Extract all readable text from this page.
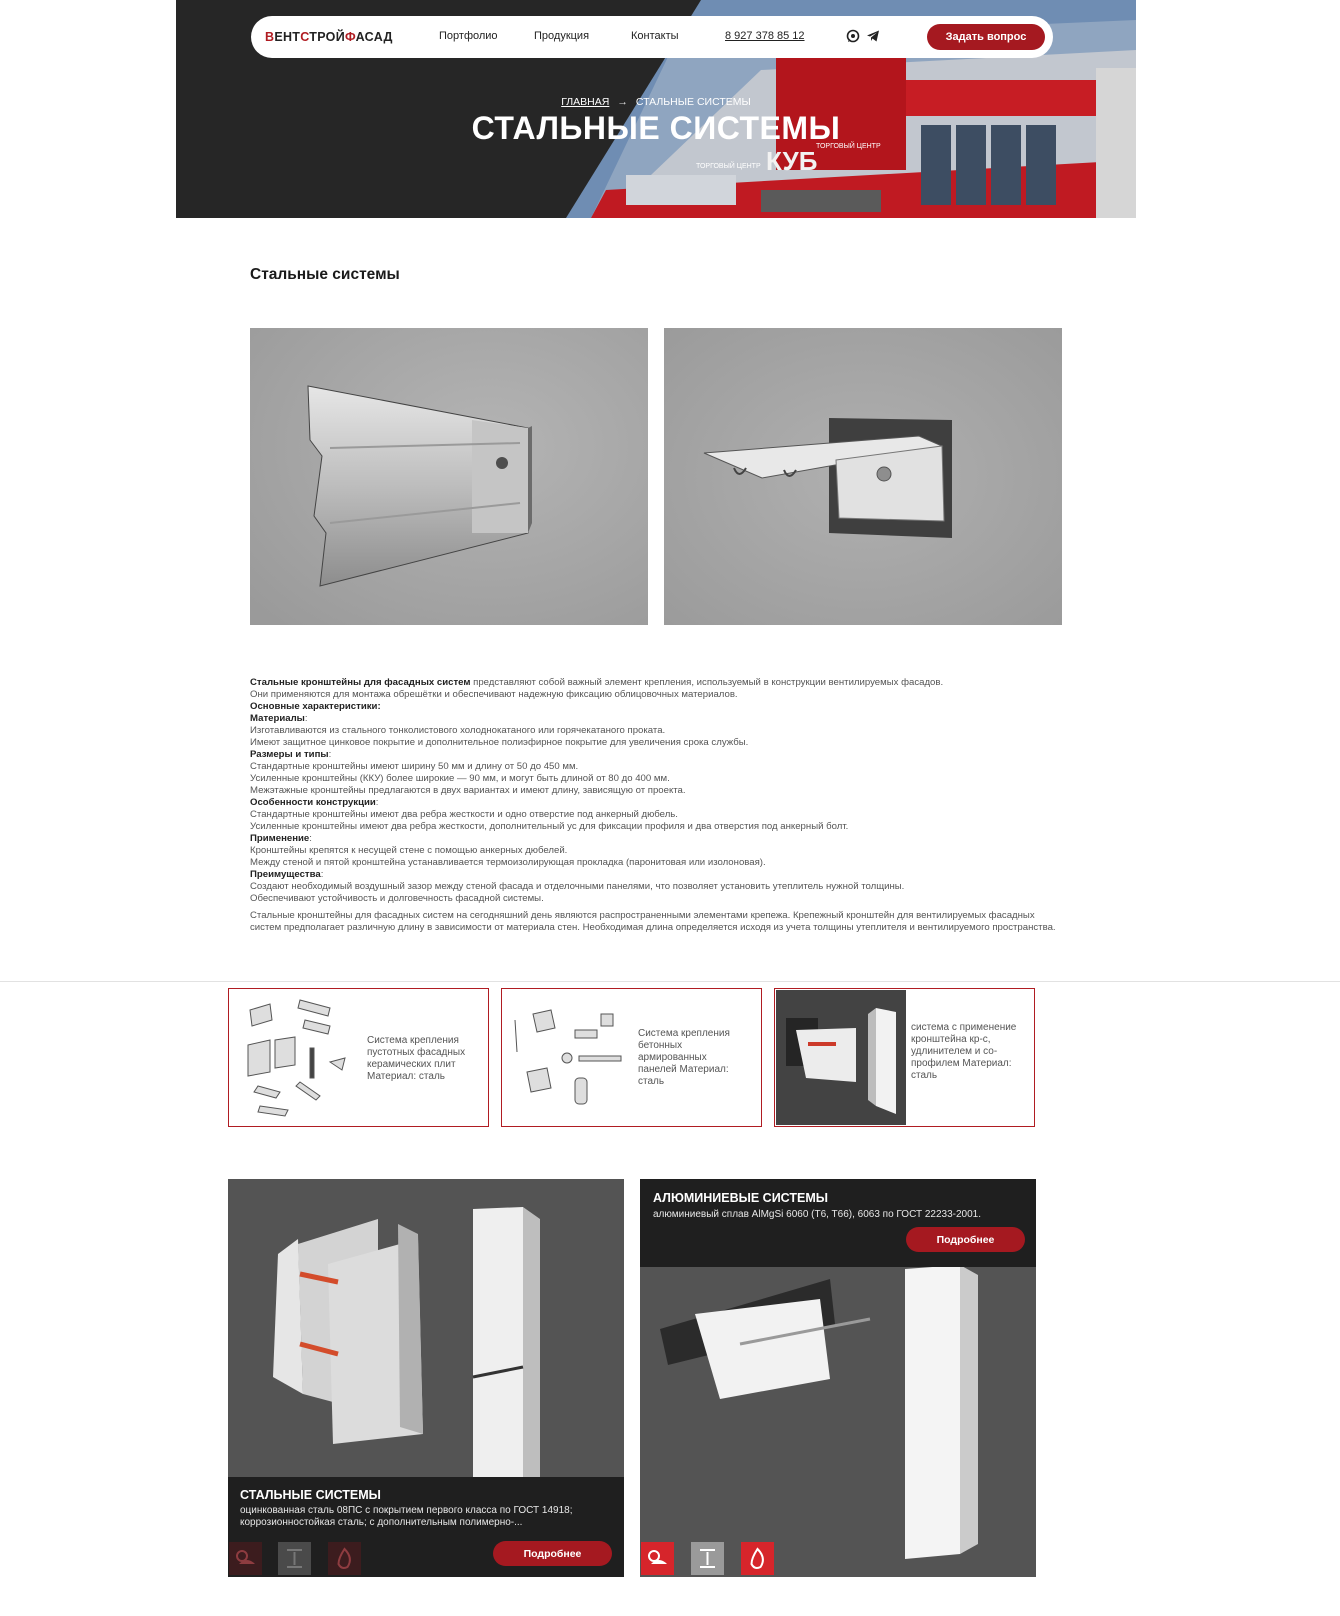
КУБ
ТОРГОВЫЙ ЦЕНТР
ТОРГОВЫЙ ЦЕНТР
ВЕНТСТРОЙФАСАД	Портфолио	Продукция	Контакты	8 927 378 85 12	Задать вопрос
ГЛАВНАЯ → СТАЛЬНЫЕ СИСТЕМЫ
СТАЛЬНЫЕ СИСТЕМЫ
Стальные системы

Стальные кронштейны для фасадных систем представляют собой важный элемент крепления, используемый в конструкции вентилируемых фасадов.

Они применяются для монтажа обрешётки и обеспечивают надежную фиксацию облицовочных материалов.

Основные характеристики:

Материалы:

Изготавливаются из стального тонколистового холоднокатаного или горячекатаного проката.

Имеют защитное цинковое покрытие и дополнительное полиэфирное покрытие для увеличения срока службы.

Размеры и типы:

Стандартные кронштейны имеют ширину 50 мм и длину от 50 до 450 мм.

Усиленные кронштейны (ККУ) более широкие — 90 мм, и могут быть длиной от 80 до 400 мм.

Межэтажные кронштейны предлагаются в двух вариантах и имеют длину, зависящую от проекта.

Особенности конструкции:

Стандартные кронштейны имеют два ребра жесткости и одно отверстие под анкерный дюбель.

Усиленные кронштейны имеют два ребра жесткости, дополнительный ус для фиксации профиля и два отверстия под анкерный болт.

Применение:

Кронштейны крепятся к несущей стене с помощью анкерных дюбелей.

Между стеной и пятой кронштейна устанавливается термоизолирующая прокладка (паронитовая или изолоновая).

Преимущества:

Создают необходимый воздушный зазор между стеной фасада и отделочными панелями, что позволяет установить утеплитель нужной толщины.

Обеспечивают устойчивость и долговечность фасадной системы.

Стальные кронштейны для фасадных систем на сегодняшний день являются распространенными элементами крепежа. Крепежный кронштейн для вентилируемых фасадных систем предполагает различную длину в зависимости от материала стен. Необходимая длина определяется исходя из учета толщины утеплителя и вентилируемого пространства.

Система крепления пустотных фасадных керамических плит Материал: сталь
Система крепления бетонных армированных панелей Материал: сталь
система с применение кронштейна кр-с, удлинителем и со-профилем Материал: сталь
СТАЛЬНЫЕ СИСТЕМЫ
оцинкованная сталь 08ПС с покрытием первого класса по ГОСТ 14918; коррозионностойкая сталь; с дополнительным полимерно-...
Подробнее
АЛЮМИНИЕВЫЕ СИСТЕМЫ
алюминиевый сплав AlMgSi 6060 (T6, T66), 6063 по ГОСТ 22233-2001.
Подробнее
